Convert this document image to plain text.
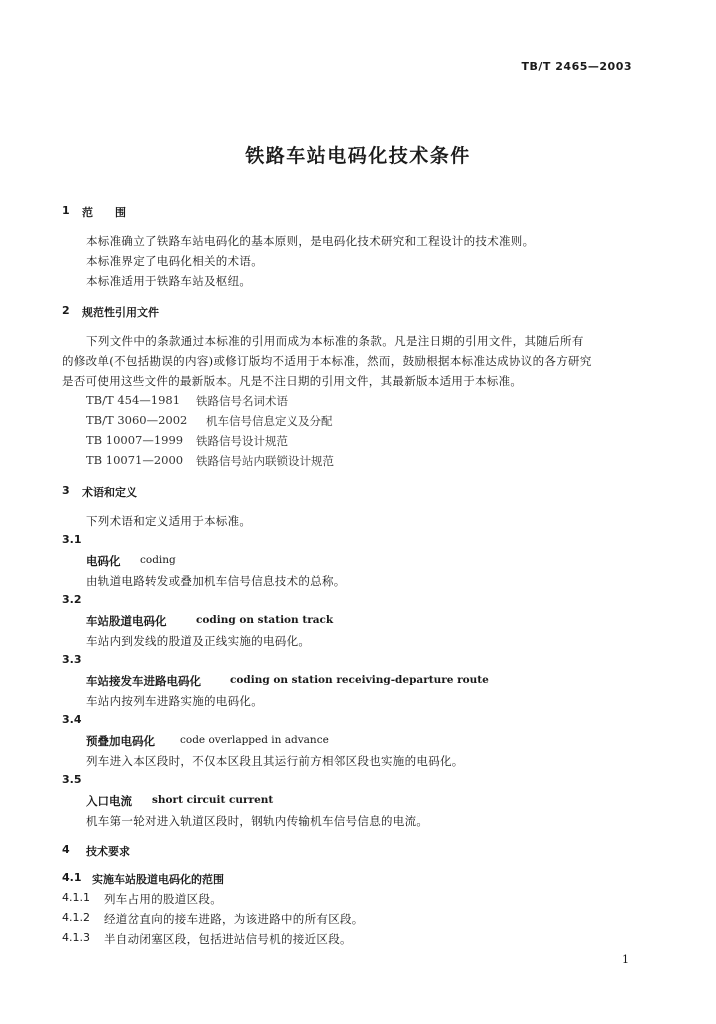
TB/T 2465—2003
铁路车站电码化技术条件
1 范　　围
本标准确立了铁路车站电码化的基本原则，是电码化技术研究和工程设计的技术准则。
本标准界定了电码化相关的术语。
本标准适用于铁路车站及枢纽。
2 规范性引用文件
下列文件中的条款通过本标准的引用而成为本标准的条款。凡是注日期的引用文件，其随后所有
的修改单(不包括勘误的内容)或修订版均不适用于本标准，然而，鼓励根据本标准达成协议的各方研究
是否可使用这些文件的最新版本。凡是不注日期的引用文件，其最新版本适用于本标准。
TB/T 454—1981 铁路信号名词术语
TB/T 3060—2002 机车信号信息定义及分配
TB 10007—1999 铁路信号设计规范
TB 10071—2000 铁路信号站内联锁设计规范
3 术语和定义
下列术语和定义适用于本标准。
3.1
电码化 coding
由轨道电路转发或叠加机车信号信息技术的总称。
3.2
车站股道电码化	coding on station track
车站内到发线的股道及正线实施的电码化。
3.3
车站接发车进路电码化	coding on station receiving-departure route
车站内按列车进路实施的电码化。
3.4
预叠加电码化 code overlapped in advance
列车进入本区段时，不仅本区段且其运行前方相邻区段也实施的电码化。
3.5
入口电流 short circuit current
机车第一轮对进入轨道区段时，钢轨内传输机车信号信息的电流。
4 技术要求
4.1 实施车站股道电码化的范围
4.1.1 列车占用的股道区段。
4.1.2 经道岔直向的接车进路，为该进路中的所有区段。
4.1.3 半自动闭塞区段，包括进站信号机的接近区段。
1
